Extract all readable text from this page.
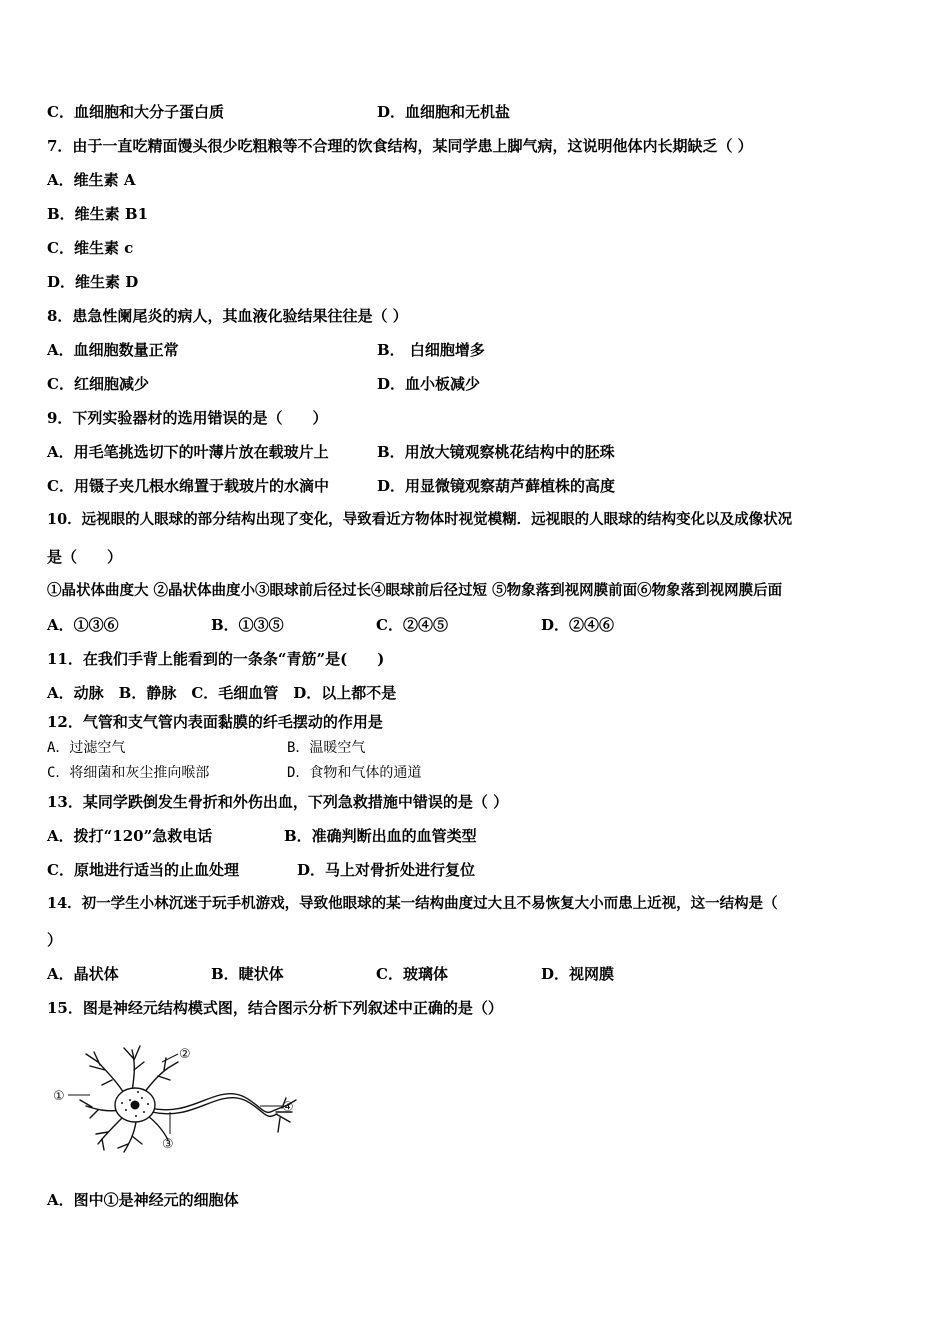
C．血细胞和大分子蛋白质	D．血细胞和无机盐
7．由于一直吃精面馒头很少吃粗粮等不合理的饮食结构，某同学患上脚气病，这说明他体内长期缺乏（ ）
A．维生素 A
B．维生素 B1
C．维生素 c
D．维生素 D
8．患急性阑尾炎的病人，其血液化验结果往往是（ ）
A．血细胞数量正常	B． 白细胞增多
C．红细胞减少	D．血小板减少
9．下列实验器材的选用错误的是（　　）
A．用毛笔挑选切下的叶薄片放在载玻片上	B．用放大镜观察桃花结构中的胚珠
C．用镊子夹几根水绵置于载玻片的水滴中	D．用显微镜观察葫芦藓植株的高度
10．远视眼的人眼球的部分结构出现了变化，导致看近方物体时视觉模糊．远视眼的人眼球的结构变化以及成像状况
是（　　）
①晶状体曲度大 ②晶状体曲度小③眼球前后径过长④眼球前后径过短 ⑤物象落到视网膜前面⑥物象落到视网膜后面
A．①③⑥	B．①③⑤	C．②④⑤	D．②④⑥
11．在我们手背上能看到的一条条“青筋”是(　　)
A．动脉　B．静脉　C．毛细血管　D．以上都不是
12．气管和支气管内表面黏膜的纤毛摆动的作用是
A．过滤空气	B．温暖空气
C．将细菌和灰尘推向喉部	D．食物和气体的通道
13．某同学跌倒发生骨折和外伤出血，下列急救措施中错误的是（ ）
A．拨打“120”急救电话	B．准确判断出血的血管类型
C．原地进行适当的止血处理	D．马上对骨折处进行复位
14．初一学生小林沉迷于玩手机游戏，导致他眼球的某一结构曲度过大且不易恢复大小而患上近视，这一结构是（
）
A．晶状体	B．睫状体	C．玻璃体	D．视网膜
15．图是神经元结构模式图，结合图示分析下列叙述中正确的是（）
①
②
③
④
A．图中①是神经元的细胞体
